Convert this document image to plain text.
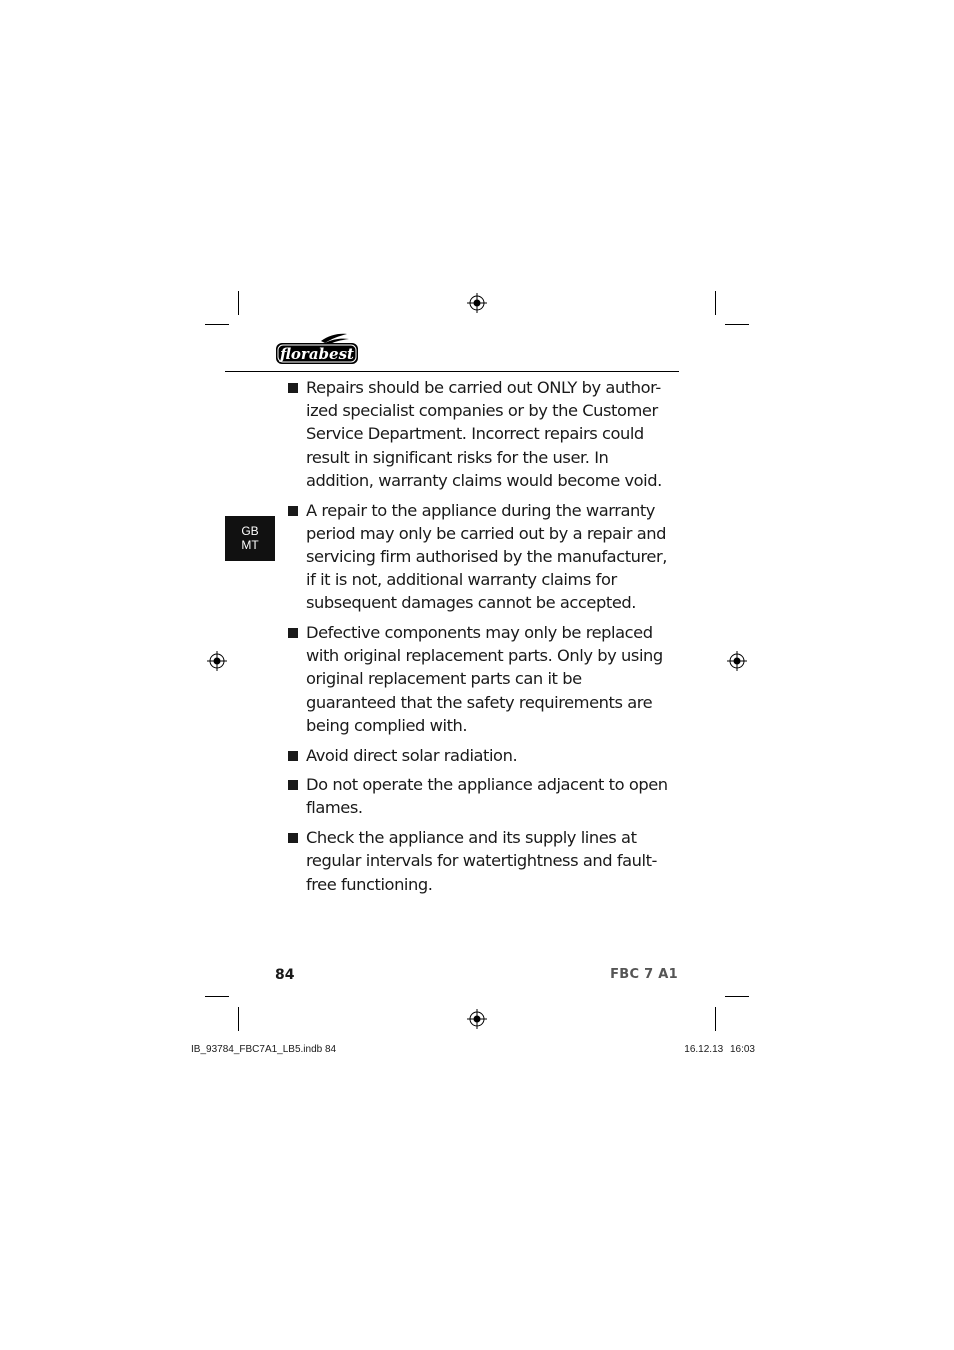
florabest
GB
MT
Repairs should be carried out ONLY by author- ized specialist companies or by the Customer Service Department. Incorrect repairs could result in significant risks for the user. In addition, warranty claims would become void.
A repair to the appliance during the warranty period may only be carried out by a repair and servicing firm authorised by the manufacturer, if it is not, additional warranty claims for subsequent damages cannot be accepted.
Defective components may only be replaced with original replacement parts. Only by using original replacement parts can it be guaranteed that the safety requirements are being complied with.
Avoid direct solar radiation.
Do not operate the appliance adjacent to open flames.
Check the appliance and its supply lines at regular intervals for watertightness and fault-free functioning.
84	FBC 7 A1
IB_93784_FBC7A1_LB5.indb 84	16.12.13 16:03
